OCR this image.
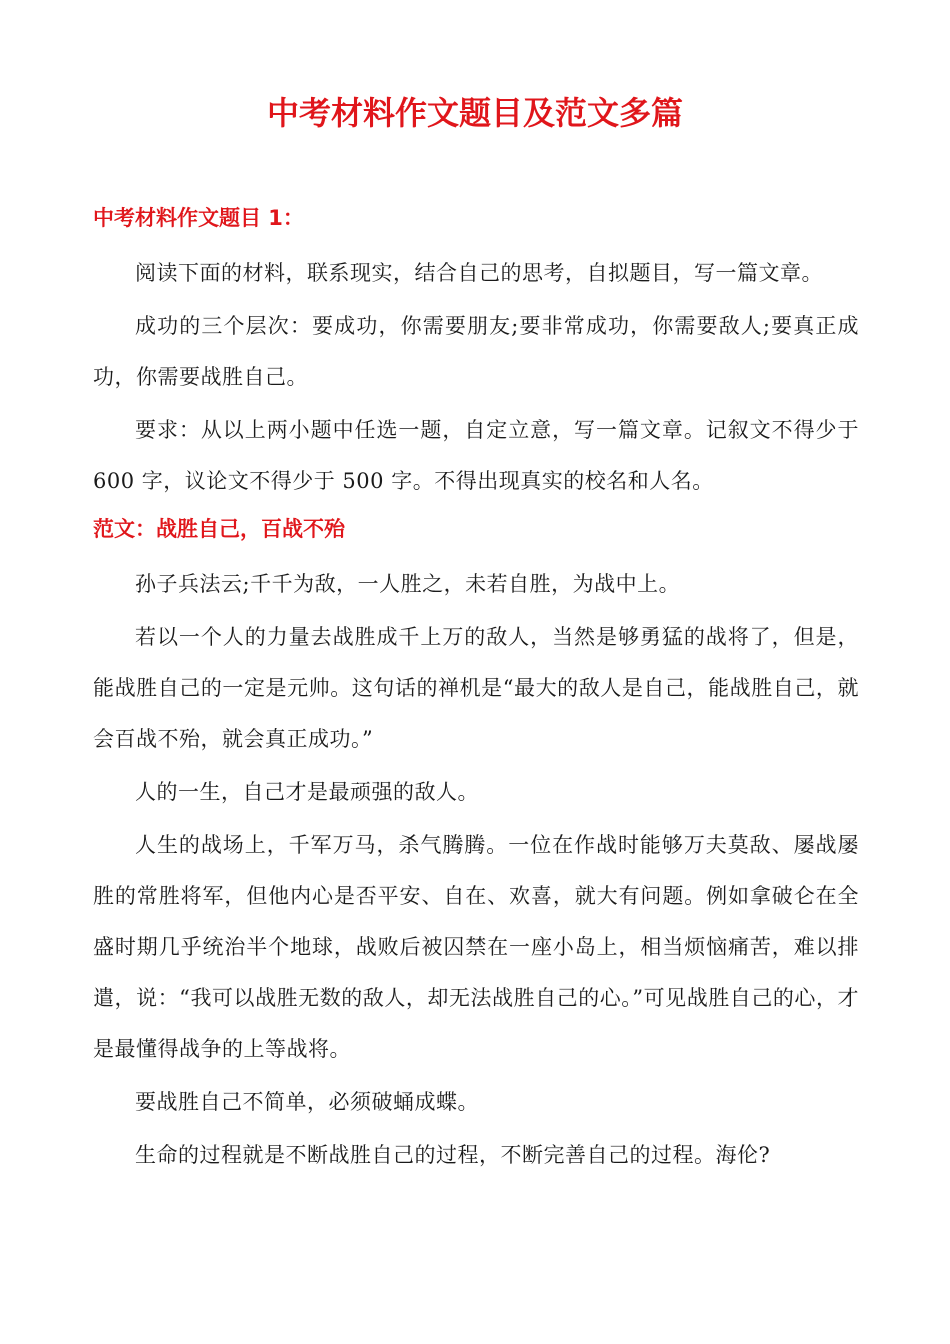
中考材料作文题目及范文多篇
中考材料作文题目 1：

阅读下面的材料，联系现实，结合自己的思考，自拟题目，写一篇文章。

成功的三个层次：要成功，你需要朋友;要非常成功，你需要敌人;要真正成功，你需要战胜自己。

要求：从以上两小题中任选一题，自定立意，写一篇文章。记叙文不得少于 600 字，议论文不得少于 500 字。不得出现真实的校名和人名。

范文：战胜自己，百战不殆

孙子兵法云;千千为敌，一人胜之，未若自胜，为战中上。

若以一个人的力量去战胜成千上万的敌人，当然是够勇猛的战将了，但是，能战胜自己的一定是元帅。这句话的禅机是“最大的敌人是自己，能战胜自己，就会百战不殆，就会真正成功。”

人的一生，自己才是最顽强的敌人。

人生的战场上，千军万马，杀气腾腾。一位在作战时能够万夫莫敌、屡战屡胜的常胜将军，但他内心是否平安、自在、欢喜，就大有问题。例如拿破仑在全盛时期几乎统治半个地球，战败后被囚禁在一座小岛上，相当烦恼痛苦，难以排遣，说：“我可以战胜无数的敌人，却无法战胜自己的心。”可见战胜自己的心，才是最懂得战争的上等战将。

要战胜自己不简单，必须破蛹成蝶。

生命的过程就是不断战胜自己的过程，不断完善自己的过程。海伦?
